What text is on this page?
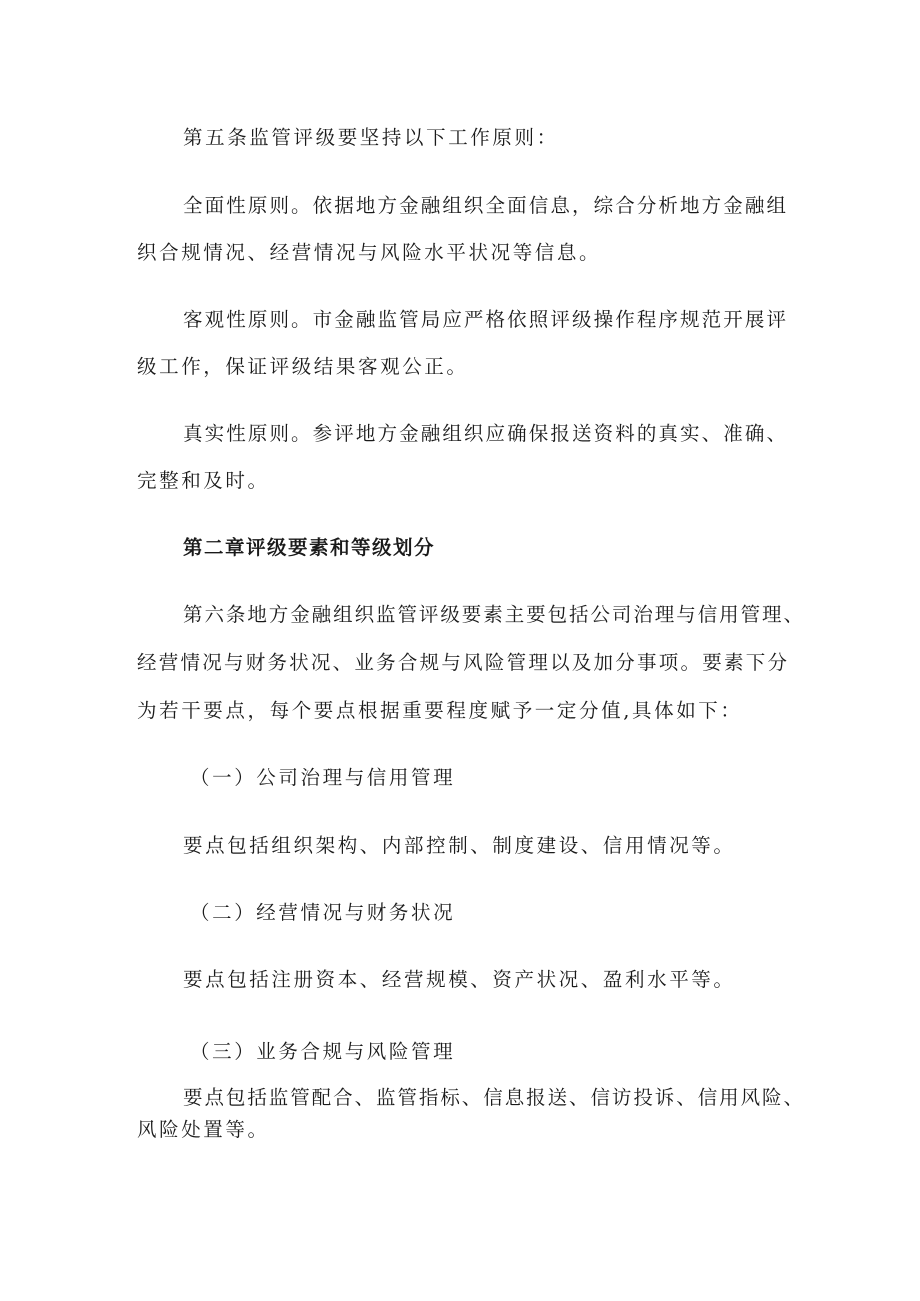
第五条监管评级要坚持以下工作原则：
全面性原则。依据地方金融组织全面信息，综合分析地方金融组
织合规情况、经营情况与风险水平状况等信息。
客观性原则。市金融监管局应严格依照评级操作程序规范开展评
级工作，保证评级结果客观公正。
真实性原则。参评地方金融组织应确保报送资料的真实、准确、
完整和及时。
第二章评级要素和等级划分
第六条地方金融组织监管评级要素主要包括公司治理与信用管理、
经营情况与财务状况、业务合规与风险管理以及加分事项。要素下分
为若干要点，每个要点根据重要程度赋予一定分值,具体如下：
（一）公司治理与信用管理
要点包括组织架构、内部控制、制度建设、信用情况等。
（二）经营情况与财务状况
要点包括注册资本、经营规模、资产状况、盈利水平等。
（三）业务合规与风险管理
要点包括监管配合、监管指标、信息报送、信访投诉、信用风险、
风险处置等。
